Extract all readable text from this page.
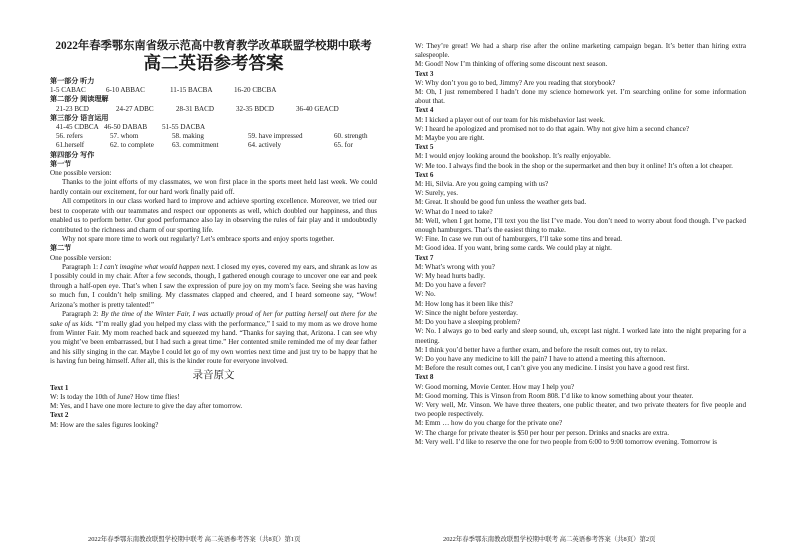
2022年春季鄂东南省级示范高中教育教学改革联盟学校期中联考
高二英语参考答案
第一部分 听力
1-5 CABAC	6-10 ABBAC	11-15 BACBA	16-20 CBCBA
第二部分 阅读理解
21-23 BCD	24-27 ADBC	28-31 BACD	32-35 BDCD	36-40 GEACD
第三部分 语言运用
41-45 CDBCA 46-50 DABAB 51-55 DACBA
56. refers	57. whom	58. making	59. have impressed	60. strength
61.herself	62. to complete	63. commitment	64. actively	65. for
第四部分 写作
第一节
One possible version:

Thanks to the joint efforts of my classmates, we won first place in the sports meet held last week. We could hardly contain our excitement, for our hard work finally paid off.

All competitors in our class worked hard to improve and achieve sporting excellence. Moreover, we tried our best to cooperate with our teammates and respect our opponents as well, which doubled our happiness, and thus enabled us to perform better. Our good performance also lay in observing the rules of fair play and it undoubtedly contributed to the richness and charm of our sporting life.

Why not spare more time to work out regularly? Let’s embrace sports and enjoy sports together.

第二节
One possible version:

Paragraph 1: I can't imagine what would happen next. I closed my eyes, covered my ears, and shrank as low as I possibly could in my chair. After a few seconds, though, I gathered enough courage to uncover one ear and peek through a half-open eye. That’s when I saw the expression of pure joy on my mom’s face. Seeing she was having so much fun, I couldn’t help smiling. My classmates clapped and cheered, and I heard someone say, “Wow! Arizona’s mother is pretty talented!”

Paragraph 2: By the time of the Winter Fair, I was actually proud of her for putting herself out there for the sake of us kids. “I’m really glad you helped my class with the performance,” I said to my mom as we drove home from Winter Fair. My mom reached back and squeezed my hand. “Thanks for saying that, Arizona. I can see why you might’ve been embarrassed, but I had such a great time.” Her contented smile reminded me of my dear father and his silly singing in the car. Maybe I could let go of my own worries next time and just try to be happy that he is having fun being himself. After all, this is the kinder route for everyone involved.

录音原文

Text 1

W: Is today the 10th of June? How time flies!

M: Yes, and I have one more lecture to give the day after tomorrow.

Text 2

M: How are the sales figures looking?

2022年春季鄂东南教改联盟学校期中联考 高二英语参考答案（共8页）第1页

W: They’re great! We had a sharp rise after the online marketing campaign began. It’s better than hiring extra salespeople.

M: Good! Now I’m thinking of offering some discount next season.

Text 3

W: Why don’t you go to bed, Jimmy? Are you reading that storybook?

M: Oh, I just remembered I hadn’t done my science homework yet. I’m searching online for some information about that.

Text 4

M: I kicked a player out of our team for his misbehavior last week.

W: I heard he apologized and promised not to do that again. Why not give him a second chance?

M: Maybe you are right.

Text 5

M: I would enjoy looking around the bookshop. It’s really enjoyable.

W: Me too. I always find the book in the shop or the supermarket and then buy it online! It’s often a lot cheaper.

Text 6

M: Hi, Silvia. Are you going camping with us?

W: Surely, yes.

M: Great. It should be good fun unless the weather gets bad.

W: What do I need to take?

M: Well, when I get home, I’ll text you the list I’ve made. You don’t need to worry about food though. I’ve packed enough hamburgers. That’s the easiest thing to make.

W: Fine. In case we run out of hamburgers, I’ll take some tins and bread.

M: Good idea. If you want, bring some cards. We could play at night.

Text 7

M: What’s wrong with you?

W: My head hurts badly.

M: Do you have a fever?

W: No.

M: How long has it been like this?

W: Since the night before yesterday.

M: Do you have a sleeping problem?

W: No. I always go to bed early and sleep sound, uh, except last night. I worked late into the night preparing for a meeting.

M: I think you’d better have a further exam, and before the result comes out, try to relax.

W: Do you have any medicine to kill the pain? I have to attend a meeting this afternoon.

M: Before the result comes out, I can’t give you any medicine. I insist you have a good rest first.

Text 8

W: Good morning, Movie Center. How may I help you?

M: Good morning. This is Vinson from Room 808. I’d like to know something about your theater.

W: Very well, Mr. Vinson. We have three theaters, one public theater, and two private theaters for five people and two people respectively.

M: Emm … how do you charge for the private one?

W: The charge for private theater is $50 per hour per person. Drinks and snacks are extra.

M: Very well. I’d like to reserve the one for two people from 6:00 to 9:00 tomorrow evening. Tomorrow is

2022年春季鄂东南教改联盟学校期中联考 高二英语参考答案（共8页）第2页
